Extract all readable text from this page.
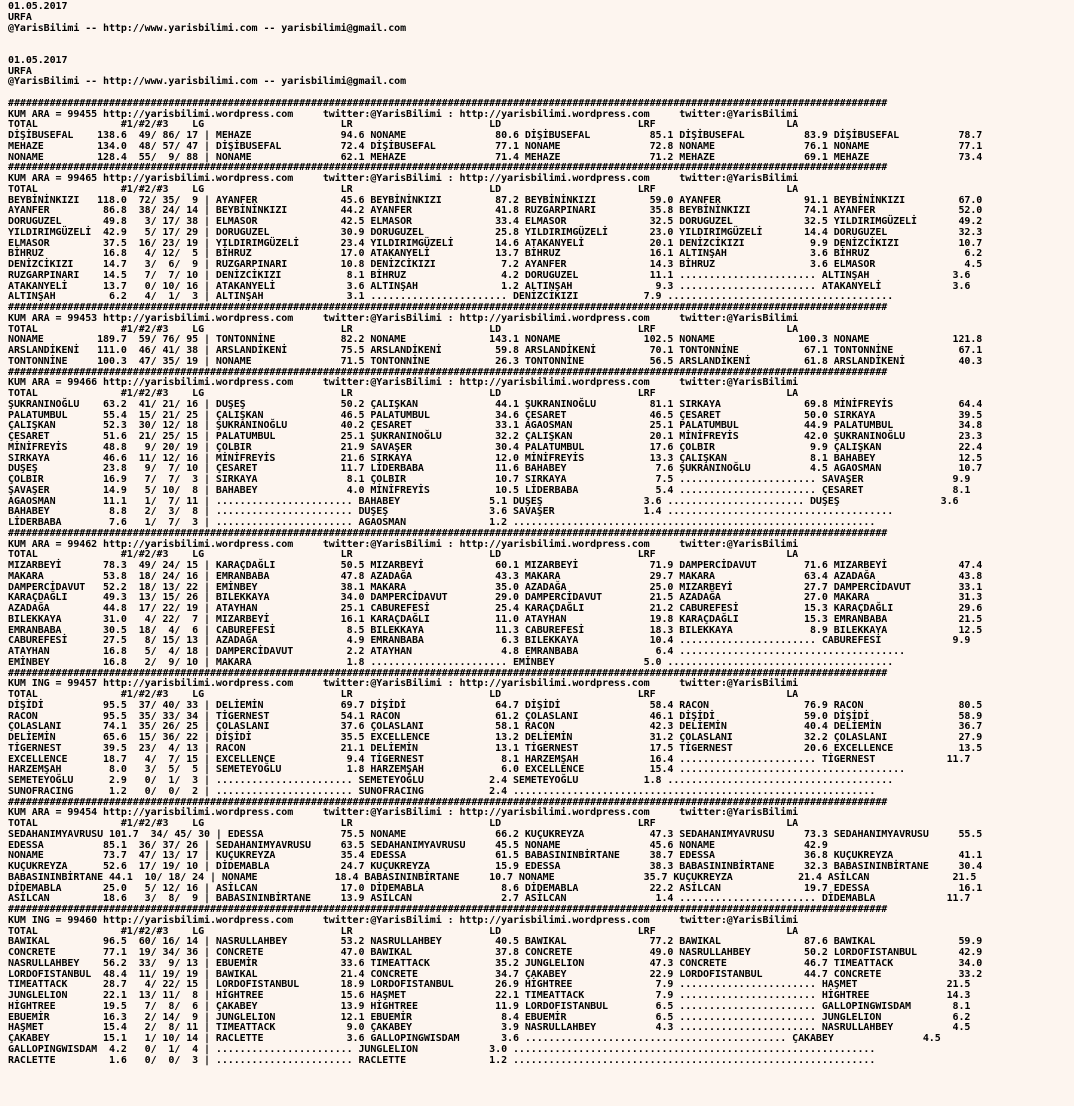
01.05.2017
URFA
@YarisBilimi -- http://www.yarisbilimi.com -- yarisbilimi@gmail.com
01.05.2017
URFA
@YarisBilimi -- http://www.yarisbilimi.com -- yarisbilimi@gmail.com
####################################################################################################################################################
KUM ARA = 99455 http://yarisbilimi.wordpress.com     twitter:@YarisBilimi : http://yarisbilimi.wordpress.com     twitter:@YarisBilimi
TOTAL              #1/#2/#3    LG                       LR                       LD                       LRF                      LA
DİŞİBUSEFAL    138.6  49/ 86/ 17 | MEHAZE               94.6 NONAME               80.6 DİŞİBUSEFAL          85.1 DİŞİBUSEFAL          83.9 DİŞİBUSEFAL          78.7
MEHAZE         134.0  48/ 57/ 47 | DİŞİBUSEFAL          72.4 DİŞİBUSEFAL          77.1 NONAME               72.8 NONAME               76.1 NONAME               77.1
NONAME         128.4  55/  9/ 88 | NONAME               62.1 MEHAZE               71.4 MEHAZE               71.2 MEHAZE               69.1 MEHAZE               73.4
####################################################################################################################################################
KUM ARA = 99465 http://yarisbilimi.wordpress.com     twitter:@YarisBilimi : http://yarisbilimi.wordpress.com     twitter:@YarisBilimi
TOTAL              #1/#2/#3    LG                       LR                       LD                       LRF                      LA
BEYBİNİNKIZI   118.0  72/ 35/  9 | AYANFER              45.6 BEYBİNİNKIZI         87.2 BEYBİNİNKIZI         59.0 AYANFER              91.1 BEYBİNİNKIZI         67.0
AYANFER         86.8  38/ 24/ 14 | BEYBİNİNKIZI         44.2 AYANFER              41.8 RUZGARPINARI         35.8 BEYBİNİNKIZI         74.1 AYANFER              52.0
DORUGUZEL       49.8   3/ 17/ 38 | ELMASOR              42.5 ELMASOR              33.4 ELMASOR              32.5 DORUGUZEL            32.5 YILDIRIMGÜZELİ       49.2
YILDIRIMGÜZELİ  42.9   5/ 17/ 29 | DORUGUZEL            30.9 DORUGUZEL            25.8 YILDIRIMGÜZELİ       23.0 YILDIRIMGÜZELİ       14.4 DORUGUZEL            32.3
ELMASOR         37.5  16/ 23/ 19 | YILDIRIMGÜZELİ       23.4 YILDIRIMGÜZELİ       14.6 ATAKANYELİ           20.1 DENİZCİKIZI           9.9 DENİZCİKIZI          10.7
BİHRUZ          16.8   4/ 12/  5 | BİHRUZ               17.0 ATAKANYELİ           13.7 BİHRUZ               16.1 ALTINŞAH              3.6 BİHRUZ                6.2
DENİZCİKIZI     14.7   3/  6/  9 | RUZGARPINARI         10.8 DENİZCİKIZI           7.2 AYANFER              14.3 BİHRUZ                3.6 ELMASOR               4.5
RUZGARPINARI    14.5   7/  7/ 10 | DENİZCİKIZI           8.1 BİHRUZ                4.2 DORUGUZEL            11.1 ....................... ALTINŞAH              3.6
ATAKANYELİ      13.7   0/ 10/ 16 | ATAKANYELİ            3.6 ALTINŞAH              1.2 ALTINŞAH              9.3 ....................... ATAKANYELİ            3.6
ALTINŞAH         6.2   4/  1/  3 | ALTINŞAH              3.1 ....................... DENİZCİKIZI           7.9 ......................................
####################################################################################################################################################
KUM ARA = 99453 http://yarisbilimi.wordpress.com     twitter:@YarisBilimi : http://yarisbilimi.wordpress.com     twitter:@YarisBilimi
TOTAL              #1/#2/#3    LG                       LR                       LD                       LRF                      LA
NONAME         189.7  59/ 76/ 95 | TONTONNİNE           82.2 NONAME              143.1 NONAME              102.5 NONAME              100.3 NONAME              121.8
ARSLANDİKENİ   111.0  46/ 41/ 38 | ARSLANDİKENİ         75.5 ARSLANDİKENİ         59.8 ARSLANDİKENİ         70.1 TONTONNİNE           67.1 TONTONNİNE           67.1
TONTONNİNE     100.3  47/ 35/ 19 | NONAME               71.5 TONTONNİNE           26.3 TONTONNİNE           56.5 ARSLANDİKENİ         61.8 ARSLANDİKENİ         40.3
####################################################################################################################################################
KUM ARA = 99466 http://yarisbilimi.wordpress.com     twitter:@YarisBilimi : http://yarisbilimi.wordpress.com     twitter:@YarisBilimi
TOTAL              #1/#2/#3    LG                       LR                       LD                       LRF                      LA
ŞUKRANINOĞLU    63.2  41/ 21/ 16 | DUŞEŞ                50.2 ÇALIŞKAN             44.1 ŞUKRANINOĞLU         81.1 SIRKAYA              69.8 MİNİFREYİS           64.4
PALATUMBUL      55.4  15/ 21/ 25 | ÇALIŞKAN             46.5 PALATUMBUL           34.6 ÇESARET              46.5 ÇESARET              50.0 SIRKAYA              39.5
ÇALIŞKAN        52.3  30/ 12/ 18 | ŞUKRANINOĞLU         40.2 ÇESARET              33.1 AGAOSMAN             25.1 PALATUMBUL           44.9 PALATUMBUL           34.8
ÇESARET         51.6  21/ 25/ 15 | PALATUMBUL           25.1 ŞUKRANINOĞLU         32.2 ÇALIŞKAN             20.1 MİNİFREYİS           42.0 ŞUKRANINOĞLU         23.3
MİNİFREYİS      48.8   9/ 20/ 19 | ÇOLBIR               21.9 SAVAŞER              30.4 PALATUMBUL           17.6 ÇOLBIR                9.9 ÇALIŞKAN             22.4
SIRKAYA         46.6  11/ 12/ 16 | MİNİFREYİS           21.6 SIRKAYA              12.0 MİNİFREYİS           13.3 ÇALIŞKAN              8.1 BAHABEY              12.5
DUŞEŞ           23.8   9/  7/ 10 | ÇESARET              11.7 LİDERBABA            11.6 BAHABEY               7.6 ŞUKRANINOĞLU          4.5 AGAOSMAN             10.7
ÇOLBIR          16.9   7/  7/  3 | SIRKAYA               8.1 ÇOLBIR               10.7 SIRKAYA               7.5 ....................... SAVAŞER               9.9
ŞAVAŞER         14.9   5/ 10/  8 | BAHABEY               4.0 MİNİFREYİS           10.5 LİDERBABA             5.4 ....................... ÇESARET               8.1
AGAOSMAN        11.1   1/  7/ 11 | ....................... BAHABEY               5.1 DUŞEŞ                 3.6 ....................... DUŞEŞ                 3.6
BAHABEY          8.8   2/  3/  8 | ....................... DUŞEŞ                 3.6 SAVAŞER               1.4 ......................................
LİDERBABA        7.6   1/  7/  3 | ....................... AGAOSMAN              1.2 .............................................................
####################################################################################################################################################
KUM ARA = 99462 http://yarisbilimi.wordpress.com     twitter:@YarisBilimi : http://yarisbilimi.wordpress.com     twitter:@YarisBilimi
TOTAL              #1/#2/#3    LG                       LR                       LD                       LRF                      LA
MIZARBEYİ       78.3  49/ 24/ 15 | KARAÇDAĞLI           50.5 MIZARBEYİ            60.1 MIZARBEYİ            71.9 DAMPERCİDAVUT        71.6 MIZARBEYİ            47.4
MAKARA          53.8  18/ 24/ 16 | EMRANBABA            47.8 AZADAĞA              43.3 MAKARA               29.7 MAKARA               63.4 AZADAĞA              43.8
DAMPERCİDAVUT   52.2  18/ 13/ 22 | EMİNBEY              38.1 MAKARA               35.0 AZADAĞA              25.0 MIZARBEYİ            27.7 DAMPERCİDAVUT        33.1
KARAÇDAĞLI      49.3  13/ 15/ 26 | BILEKKAYA            34.0 DAMPERCİDAVUT        29.0 DAMPERCİDAVUT        21.5 AZADAĞA              27.0 MAKARA               31.3
AZADAĞA         44.8  17/ 22/ 19 | ATAYHAN              25.1 CABUREFESİ           25.4 KARAÇDAĞLI           21.2 CABUREFESİ           15.3 KARAÇDAĞLI           29.6
BILEKKAYA       31.0   4/ 22/  7 | MIZARBEYİ            16.1 KARAÇDAĞLI           11.0 ATAYHAN              19.8 KARAÇDAĞLI           15.3 EMRANBABA            21.5
EMRANBABA       30.5  18/  4/  6 | CABUREFESİ            8.5 BILEKKAYA            11.3 CABUREFESİ           18.3 BILEKKAYA             8.9 BILEKKAYA            12.5
CABUREFESİ      27.5   8/ 15/ 13 | AZADAĞA               4.9 EMRANBABA             6.3 BILEKKAYA            10.4 ....................... CABUREFESİ            9.9
ATAYHAN         16.8   5/  4/ 18 | DAMPERCİDAVUT         2.2 ATAYHAN               4.8 EMRANBABA             6.4 ......................................
EMİNBEY         16.8   2/  9/ 10 | MAKARA                1.8 ....................... EMİNBEY               5.0 ......................................
####################################################################################################################################################
KUM ING = 99457 http://yarisbilimi.wordpress.com     twitter:@YarisBilimi : http://yarisbilimi.wordpress.com     twitter:@YarisBilimi
TOTAL              #1/#2/#3    LG                       LR                       LD                       LRF                      LA
DİŞİDİ          95.5  37/ 40/ 33 | DELİEMİN             69.7 DİŞİDİ               64.7 DİŞİDİ               58.4 RACON                76.9 RACON                80.5
RACON           95.5  35/ 33/ 34 | TİGERNEST            54.1 RACON                61.2 ÇOLASLANI            46.1 DİŞİDİ               59.0 DİŞİDİ               58.9
ÇOLASLANI       74.1  35/ 26/ 25 | ÇOLASLANI            37.6 ÇOLASLANI            58.1 RACON                42.3 DELİEMİN             40.4 DELİEMİN             36.7
DELİEMİN        65.6  15/ 36/ 22 | DİŞİDİ               35.5 EXCELLENCE           13.2 DELİEMİN             31.2 ÇOLASLANI            32.2 ÇOLASLANI            27.9
TİGERNEST       39.5  23/  4/ 13 | RACON                21.1 DELİEMİN             13.1 TİGERNEST            17.5 TİGERNEST            20.6 EXCELLENCE           13.5
EXCELLENCE      18.7   4/  7/ 15 | EXCELLENCE            9.4 TİGERNEST             8.1 HARZEMŞAH            16.4 ....................... TİGERNEST            11.7
HARZEMŞAH        8.0   3/  5/  5 | SEMETEYOĞLU           1.8 HARZEMŞAH             6.0 EXCELLENCE           15.4 ......................................
SEMETEYOĞLU      2.9   0/  1/  3 | ....................... SEMETEYOĞLU           2.4 SEMETEYOĞLU           1.8 ......................................
SUNOFRACING      1.2   0/  0/  2 | ....................... SUNOFRACING           2.4 .............................................................
####################################################################################################################################################
KUM ARA = 99454 http://yarisbilimi.wordpress.com     twitter:@YarisBilimi : http://yarisbilimi.wordpress.com     twitter:@YarisBilimi
TOTAL              #1/#2/#3    LG                       LR                       LD                       LRF                      LA
SEDAHANIMYAVRUSU 101.7  34/ 45/ 30 | EDESSA             75.5 NONAME               66.2 KUÇUKREYZA           47.3 SEDAHANIMYAVRUSU     73.3 SEDAHANIMYAVRUSU     55.5
EDESSA          85.1  36/ 37/ 26 | SEDAHANIMYAVRUSU     63.5 SEDAHANIMYAVRUSU     45.5 NONAME               45.6 NONAME               42.9
NONAME          73.7  47/ 13/ 17 | KUÇUKREYZA           35.4 EDESSA               61.5 BABASININBİRTANE     38.7 EDESSA               36.8 KUÇUKREYZA           41.1
KUÇUKREYZA      52.6  17/ 19/ 10 | DİDEMABLA            24.7 KUÇUKREYZA           15.9 EDESSA               38.3 BABASININBİRTANE     32.3 BABASININBİRTANE     30.4
BABASININBİRTANE 44.1  10/ 18/ 24 | NONAME             18.4 BABASININBİRTANE     10.7 NONAME               35.7 KUÇUKREYZA           21.4 ASİLCAN              21.5
DİDEMABLA       25.0   5/ 12/ 16 | ASİLCAN              17.0 DİDEMABLA             8.6 DİDEMABLA            22.2 ASİLCAN              19.7 EDESSA               16.1
ASİLCAN         18.6   3/  8/  9 | BABASININBİRTANE     13.9 ASİLCAN               2.7 ASİLCAN               1.4 ....................... DİDEMABLA            11.7
####################################################################################################################################################
KUM ING = 99460 http://yarisbilimi.wordpress.com     twitter:@YarisBilimi : http://yarisbilimi.wordpress.com     twitter:@YarisBilimi
TOTAL              #1/#2/#3    LG                       LR                       LD                       LRF                      LA
BAWIKAL         96.5  60/ 16/ 14 | NASRULLAHBEY         53.2 NASRULLAHBEY         40.5 BAWIKAL              77.2 BAWIKAL              87.6 BAWIKAL              59.9
CONCRETE        77.1  19/ 34/ 36 | CONCRETE             47.0 BAWIKAL              37.8 CONCRETE             49.0 NASRULLAHBEY         50.2 LORDOFISTANBUL       42.9
NASRULLAHBEY    56.2  33/  9/ 13 | EBUEMİR              33.6 TIMEATTACK           35.2 JUNGLELION           47.3 CONCRETE             46.7 TIMEATTACK           34.0
LORDOFISTANBUL  48.4  11/ 19/ 19 | BAWIKAL              21.4 CONCRETE             34.7 ÇAKABEY              22.9 LORDOFISTANBUL       44.7 CONCRETE             33.2
TIMEATTACK      28.7   4/ 22/ 15 | LORDOFISTANBUL       18.9 LORDOFISTANBUL       26.9 HİGHTREE              7.9 ....................... HAŞMET               21.5
JUNGLELION      22.1  13/ 11/  8 | HİGHTREE             15.6 HAŞMET               22.1 TIMEATTACK            7.9 ....................... HİGHTREE             14.3
HİGHTREE        19.5   7/  8/  6 | ÇAKABEY              13.9 HİGHTREE             11.9 LORDOFISTANBUL        6.5 ....................... GALLOPINGWISDAM       8.1
EBUEMİR         16.3   2/ 14/  9 | JUNGLELION           12.1 EBUEMİR               8.4 EBUEMİR               6.5 ....................... JUNGLELION            6.2
HAŞMET          15.4   2/  8/ 11 | TIMEATTACK            9.0 ÇAKABEY               3.9 NASRULLAHBEY          4.3 ....................... NASRULLAHBEY          4.5
ÇAKABEY         15.1   1/ 10/ 14 | RACLETTE              3.6 GALLOPINGWISDAM       3.6 ............................................ ÇAKABEY               4.5
GALLOPINGWISDAM  4.2   0/  1/  4 | ....................... JUNGLELION            3.0 .............................................................
RACLETTE         1.6   0/  0/  3 | ....................... RACLETTE              1.2 .............................................................
